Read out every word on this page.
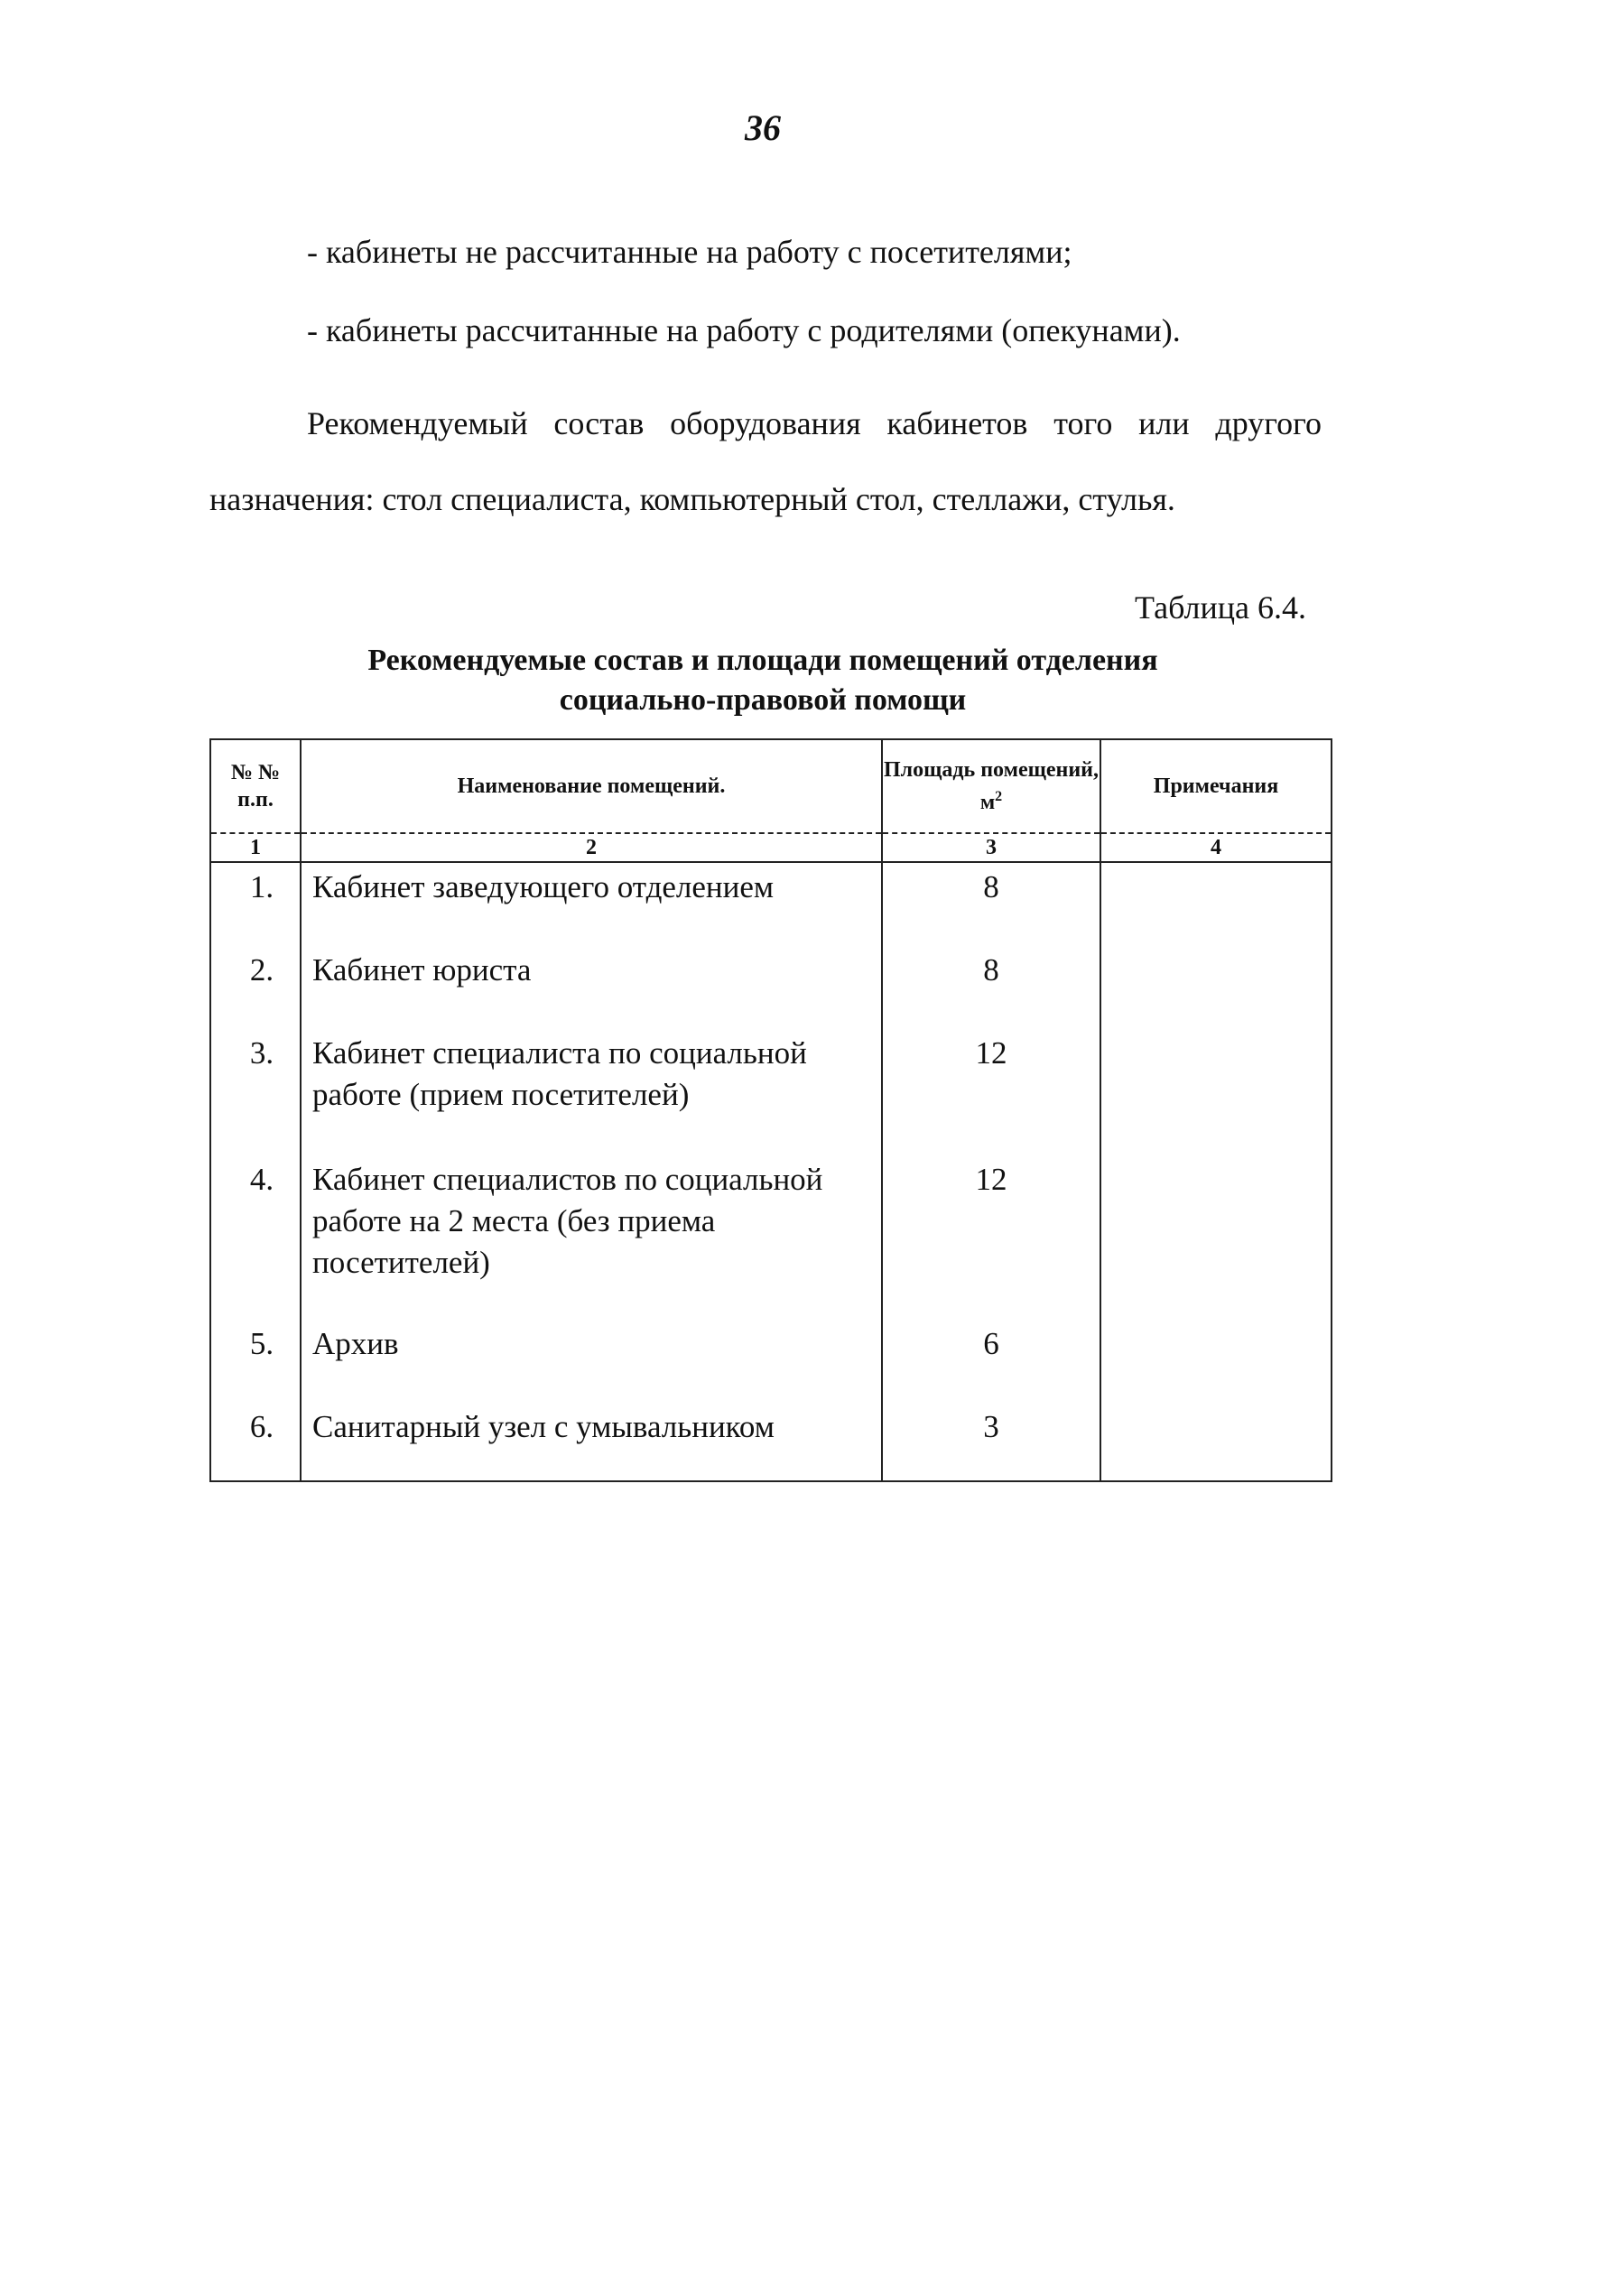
36
- кабинеты не рассчитанные на работу с посетителями;
- кабинеты рассчитанные на работу с родителями (опекунами).
Рекомендуемый состав оборудования кабинетов того или другого назначения: стол специалиста, компьютерный стол, стеллажи, стулья.
Таблица 6.4.
Рекомендуемые состав и площади помещений отделения
социально-правовой помощи
№ № п.п.	Наименование помещений.	Площадь помещений, $м^2$	Примечания
1	2	3	4
1.	Кабинет заведующего отделением	8	
2.	Кабинет юриста	8	
3.	Кабинет специалиста по социальной работе (прием посетителей)	12	
4.	Кабинет специалистов по социальной работе на 2 места (без приема посетителей)	12	
5.	Архив	6	
6.	Санитарный узел с умывальником	3	
